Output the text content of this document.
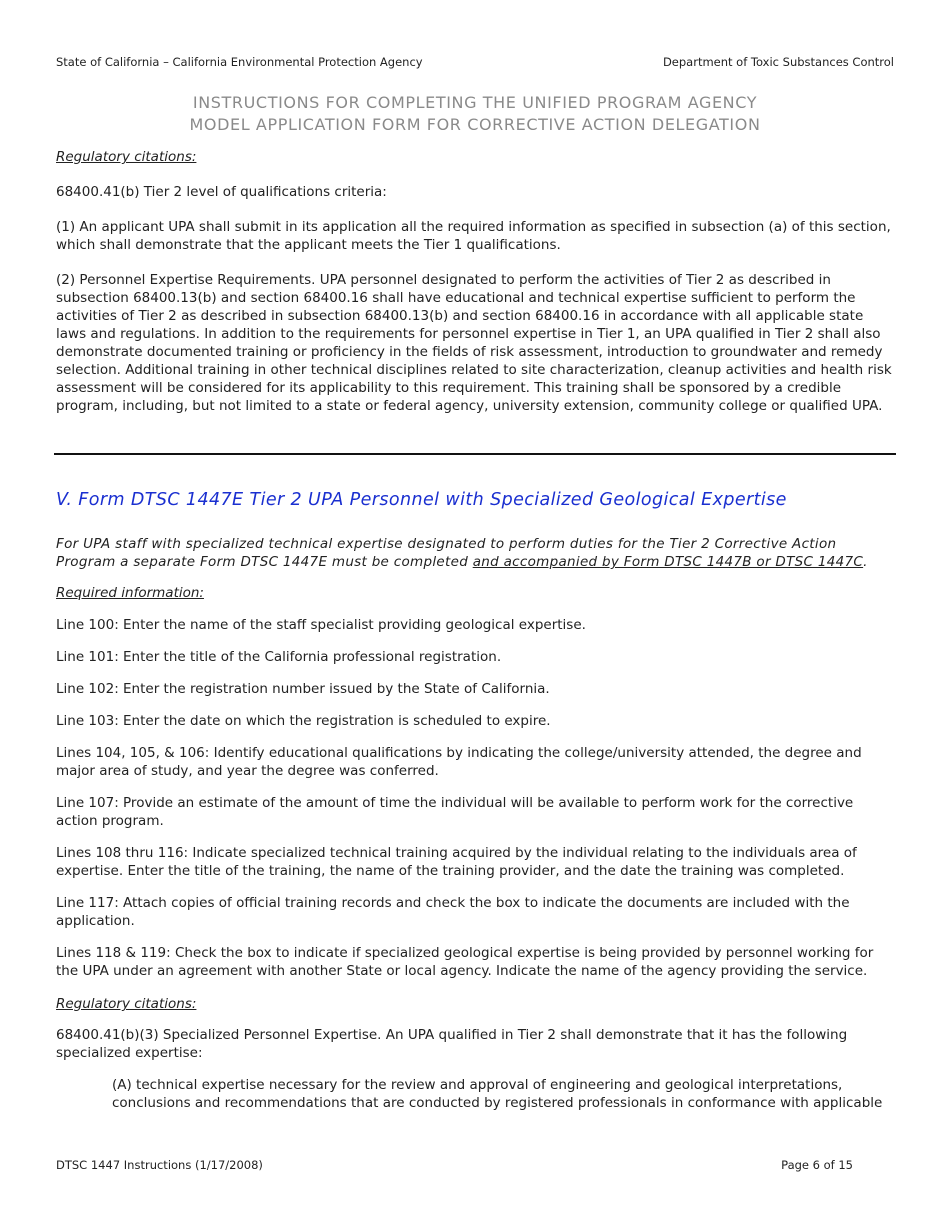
State of California – California Environmental Protection Agency	Department of Toxic Substances Control
INSTRUCTIONS FOR COMPLETING THE UNIFIED PROGRAM AGENCY
MODEL APPLICATION FORM FOR CORRECTIVE ACTION DELEGATION
Regulatory citations:

68400.41(b) Tier 2 level of qualifications criteria:

(1) An applicant UPA shall submit in its application all the required information as specified in subsection (a) of this section, which shall demonstrate that the applicant meets the Tier 1 qualifications.

(2) Personnel Expertise Requirements. UPA personnel designated to perform the activities of Tier 2 as described in subsection 68400.13(b) and section 68400.16 shall have educational and technical expertise sufficient to perform the activities of Tier 2 as described in subsection 68400.13(b) and section 68400.16 in accordance with all applicable state laws and regulations. In addition to the requirements for personnel expertise in Tier 1, an UPA qualified in Tier 2 shall also demonstrate documented training or proficiency in the fields of risk assessment, introduction to groundwater and remedy selection. Additional training in other technical disciplines related to site characterization, cleanup activities and health risk assessment will be considered for its applicability to this requirement. This training shall be sponsored by a credible program, including, but not limited to a state or federal agency, university extension, community college or qualified UPA.

V. Form DTSC 1447E Tier 2 UPA Personnel with Specialized Geological Expertise

For UPA staff with specialized technical expertise designated to perform duties for the Tier 2 Corrective Action Program a separate Form DTSC 1447E must be completed and accompanied by Form DTSC 1447B or DTSC 1447C.

Required information:

Line 100: Enter the name of the staff specialist providing geological expertise.

Line 101: Enter the title of the California professional registration.

Line 102: Enter the registration number issued by the State of California.

Line 103: Enter the date on which the registration is scheduled to expire.

Lines 104, 105, & 106: Identify educational qualifications by indicating the college/university attended, the degree and major area of study, and year the degree was conferred.

Line 107: Provide an estimate of the amount of time the individual will be available to perform work for the corrective action program.

Lines 108 thru 116: Indicate specialized technical training acquired by the individual relating to the individuals area of expertise. Enter the title of the training, the name of the training provider, and the date the training was completed.

Line 117: Attach copies of official training records and check the box to indicate the documents are included with the application.

Lines 118 & 119: Check the box to indicate if specialized geological expertise is being provided by personnel working for the UPA under an agreement with another State or local agency. Indicate the name of the agency providing the service.

Regulatory citations:

68400.41(b)(3) Specialized Personnel Expertise. An UPA qualified in Tier 2 shall demonstrate that it has the following specialized expertise:

(A) technical expertise necessary for the review and approval of engineering and geological interpretations, conclusions and recommendations that are conducted by registered professionals in conformance with applicable

DTSC 1447 Instructions (1/17/2008)	Page 6 of 15
